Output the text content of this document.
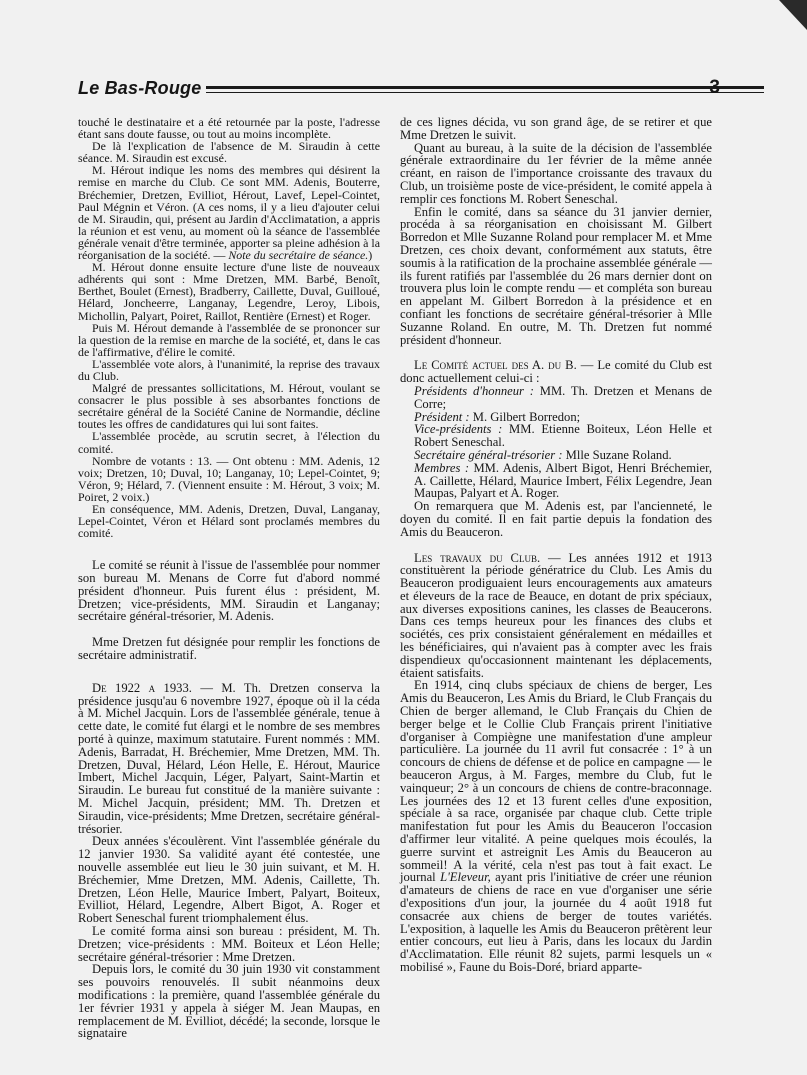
Le Bas-Rouge	3

touché le destinataire et a été retournée par la poste, l'adresse étant sans doute fausse, ou tout au moins incomplète.

De là l'explication de l'absence de M. Siraudin à cette séance. M. Siraudin est excusé.

M. Hérout indique les noms des membres qui désirent la remise en marche du Club. Ce sont MM. Adenis, Bouterre, Bréchemier, Dretzen, Evilliot, Hérout, Lavef, Lepel-Cointet, Paul Mégnin et Véron. (A ces noms, il y a lieu d'ajouter celui de M. Siraudin, qui, présent au Jardin d'Acclimatation, a appris la réunion et est venu, au moment où la séance de l'assemblée générale venait d'être terminée, apporter sa pleine adhésion à la réorganisation de la société. — Note du secrétaire de séance.)

M. Hérout donne ensuite lecture d'une liste de nouveaux adhérents qui sont : Mme Dretzen, MM. Barbé, Benoît, Berthet, Boulet (Ernest), Bradberry, Caillette, Duval, Guilloué, Hélard, Joncheerre, Langanay, Legendre, Leroy, Libois, Michollin, Palyart, Poiret, Raillot, Rentière (Ernest) et Roger.

Puis M. Hérout demande à l'assemblée de se prononcer sur la question de la remise en marche de la société, et, dans le cas de l'affirmative, d'élire le comité.

L'assemblée vote alors, à l'unanimité, la reprise des travaux du Club.

Malgré de pressantes sollicitations, M. Hérout, voulant se consacrer le plus possible à ses absorbantes fonctions de secrétaire général de la Société Canine de Normandie, décline toutes les offres de candidatures qui lui sont faites.

L'assemblée procède, au scrutin secret, à l'élection du comité.

Nombre de votants : 13. — Ont obtenu : MM. Adenis, 12 voix; Dretzen, 10; Duval, 10; Langanay, 10; Lepel-Cointet, 9; Véron, 9; Hélard, 7. (Viennent ensuite : M. Hérout, 3 voix; M. Poiret, 2 voix.)

En conséquence, MM. Adenis, Dretzen, Duval, Langanay, Lepel-Cointet, Véron et Hélard sont proclamés membres du comité.

Le comité se réunit à l'issue de l'assemblée pour nommer son bureau M. Menans de Corre fut d'abord nommé président d'honneur. Puis furent élus : président, M. Dretzen; vice-présidents, MM. Siraudin et Langanay; secrétaire général-trésorier, M. Adenis.

Mme Dretzen fut désignée pour remplir les fonctions de secrétaire administratif.

De 1922 a 1933. — M. Th. Dretzen conserva la présidence jusqu'au 6 novembre 1927, époque où il la céda à M. Michel Jacquin. Lors de l'assemblée générale, tenue à cette date, le comité fut élargi et le nombre de ses membres porté à quinze, maximum statutaire. Furent nommés : MM. Adenis, Barradat, H. Bréchemier, Mme Dretzen, MM. Th. Dretzen, Duval, Hélard, Léon Helle, E. Hérout, Maurice Imbert, Michel Jacquin, Léger, Palyart, Saint-Martin et Siraudin. Le bureau fut constitué de la manière suivante : M. Michel Jacquin, président; MM. Th. Dretzen et Siraudin, vice-présidents; Mme Dretzen, secrétaire général-trésorier.

Deux années s'écoulèrent. Vint l'assemblée générale du 12 janvier 1930. Sa validité ayant été contestée, une nouvelle assemblée eut lieu le 30 juin suivant, et M. H. Bréchemier, Mme Dretzen, MM. Adenis, Caillette, Th. Dretzen, Léon Helle, Maurice Imbert, Palyart, Boiteux, Evilliot, Hélard, Legendre, Albert Bigot, A. Roger et Robert Seneschal furent triomphalement élus.

Le comité forma ainsi son bureau : président, M. Th. Dretzen; vice-présidents : MM. Boiteux et Léon Helle; secrétaire général-trésorier : Mme Dretzen.

Depuis lors, le comité du 30 juin 1930 vit constamment ses pouvoirs renouvelés. Il subit néanmoins deux modifications : la première, quand l'assemblée générale du 1er février 1931 y appela à siéger M. Jean Maupas, en remplacement de M. Evilliot, décédé; la seconde, lorsque le signataire

de ces lignes décida, vu son grand âge, de se retirer et que Mme Dretzen le suivit.

Quant au bureau, à la suite de la décision de l'assemblée générale extraordinaire du 1er février de la même année créant, en raison de l'importance croissante des travaux du Club, un troisième poste de vice-président, le comité appela à remplir ces fonctions M. Robert Seneschal.

Enfin le comité, dans sa séance du 31 janvier dernier, procéda à sa réorganisation en choisissant M. Gilbert Borredon et Mlle Suzanne Roland pour remplacer M. et Mme Dretzen, ces choix devant, conformément aux statuts, être soumis à la ratification de la prochaine assemblée générale — ils furent ratifiés par l'assemblée du 26 mars dernier dont on trouvera plus loin le compte rendu — et compléta son bureau en appelant M. Gilbert Borredon à la présidence et en confiant les fonctions de secrétaire général-trésorier à Mlle Suzanne Roland. En outre, M. Th. Dretzen fut nommé président d'honneur.

Le Comité actuel des A. du B. — Le comité du Club est donc actuellement celui-ci :

Présidents d'honneur : MM. Th. Dretzen et Menans de Corre;

Président : M. Gilbert Borredon;

Vice-présidents : MM. Etienne Boiteux, Léon Helle et Robert Seneschal.

Secrétaire général-trésorier : Mlle Suzane Roland.

Membres : MM. Adenis, Albert Bigot, Henri Bréchemier, A. Caillette, Hélard, Maurice Imbert, Félix Legendre, Jean Maupas, Palyart et A. Roger.

On remarquera que M. Adenis est, par l'ancienneté, le doyen du comité. Il en fait partie depuis la fondation des Amis du Beauceron.

Les travaux du Club. — Les années 1912 et 1913 constituèrent la période génératrice du Club. Les Amis du Beauceron prodiguaient leurs encouragements aux amateurs et éleveurs de la race de Beauce, en dotant de prix spéciaux, aux diverses expositions canines, les classes de Beaucerons. Dans ces temps heureux pour les finances des clubs et sociétés, ces prix consistaient généralement en médailles et les bénéficiaires, qui n'avaient pas à compter avec les frais dispendieux qu'occasionnent maintenant les déplacements, étaient satisfaits.

En 1914, cinq clubs spéciaux de chiens de berger, Les Amis du Beauceron, Les Amis du Briard, le Club Français du Chien de berger allemand, le Club Français du Chien de berger belge et le Collie Club Français prirent l'initiative d'organiser à Compiègne une manifestation d'une ampleur particulière. La journée du 11 avril fut consacrée : 1° à un concours de chiens de défense et de police en campagne — le beauceron Argus, à M. Farges, membre du Club, fut le vainqueur; 2° à un concours de chiens de contre-braconnage. Les journées des 12 et 13 furent celles d'une exposition, spéciale à sa race, organisée par chaque club. Cette triple manifestation fut pour les Amis du Beauceron l'occasion d'affirmer leur vitalité. A peine quelques mois écoulés, la guerre survint et astreignit Les Amis du Beauceron au sommeil! A la vérité, cela n'est pas tout à fait exact. Le journal L'Eleveur, ayant pris l'initiative de créer une réunion d'amateurs de chiens de race en vue d'organiser une série d'expositions d'un jour, la journée du 4 août 1918 fut consacrée aux chiens de berger de toutes variétés. L'exposition, à laquelle les Amis du Beauceron prêtèrent leur entier concours, eut lieu à Paris, dans les locaux du Jardin d'Acclimatation. Elle réunit 82 sujets, parmi lesquels un « mobilisé », Faune du Bois-Doré, briard apparte-
